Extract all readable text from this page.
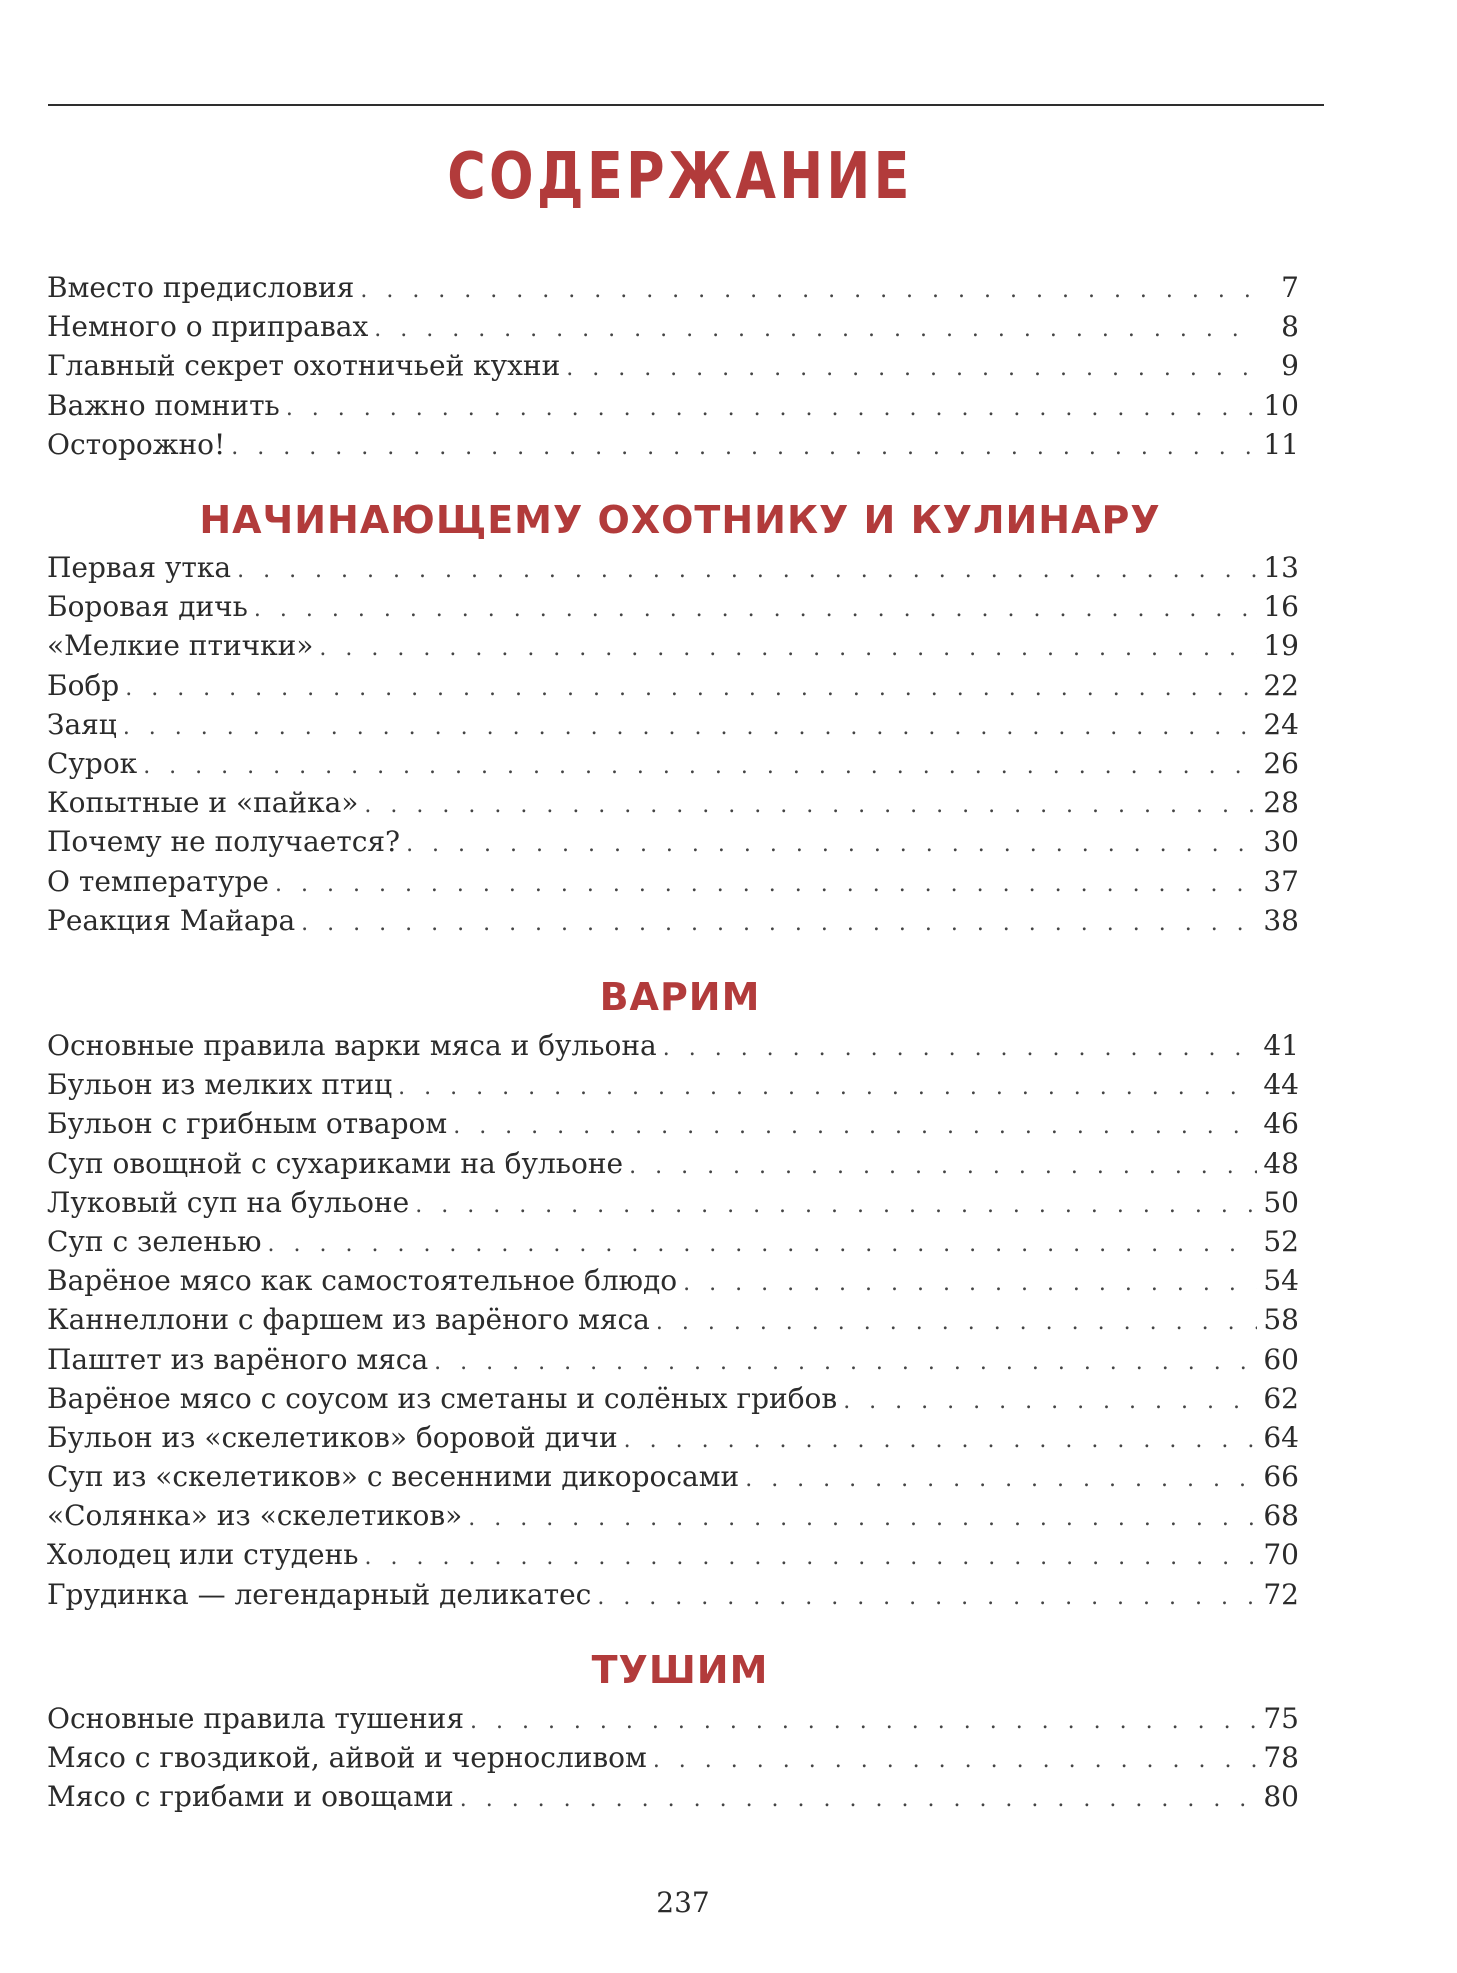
СОДЕРЖАНИЕ
Вместо предисловия . . .	7
Немного о приправах . . .	8
Главный секрет охотничьей кухни . . .	9
Важно помнить . . .	10
Осторожно! . . .	11
НАЧИНАЮЩЕМУ ОХОТНИКУ И КУЛИНАРУ
Первая утка . . .	13
Боровая дичь . . .	16
«Мелкие птички» . . .	19
Бобр . . .	22
Заяц . . .	24
Сурок . . .	26
Копытные и «пайка» . . .	28
Почему не получается? . . .	30
О температуре . . .	37
Реакция Майара . . .	38
ВАРИМ
Основные правила варки мяса и бульона . . .	41
Бульон из мелких птиц . . .	44
Бульон с грибным отваром . . .	46
Суп овощной с сухариками на бульоне . . .	48
Луковый суп на бульоне . . .	50
Суп с зеленью . . .	52
Варёное мясо как самостоятельное блюдо . . .	54
Каннеллони с фаршем из варёного мяса . . .	58
Паштет из варёного мяса . . .	60
Варёное мясо с соусом из сметаны и солёных грибов . . .	62
Бульон из «скелетиков» боровой дичи . . .	64
Суп из «скелетиков» с весенними дикоросами . . .	66
«Солянка» из «скелетиков» . . .	68
Холодец или студень . . .	70
Грудинка — легендарный деликатес . . .	72
ТУШИМ
Основные правила тушения . . .	75
Мясо с гвоздикой, айвой и черносливом . . .	78
Мясо с грибами и овощами . . .	80
237
